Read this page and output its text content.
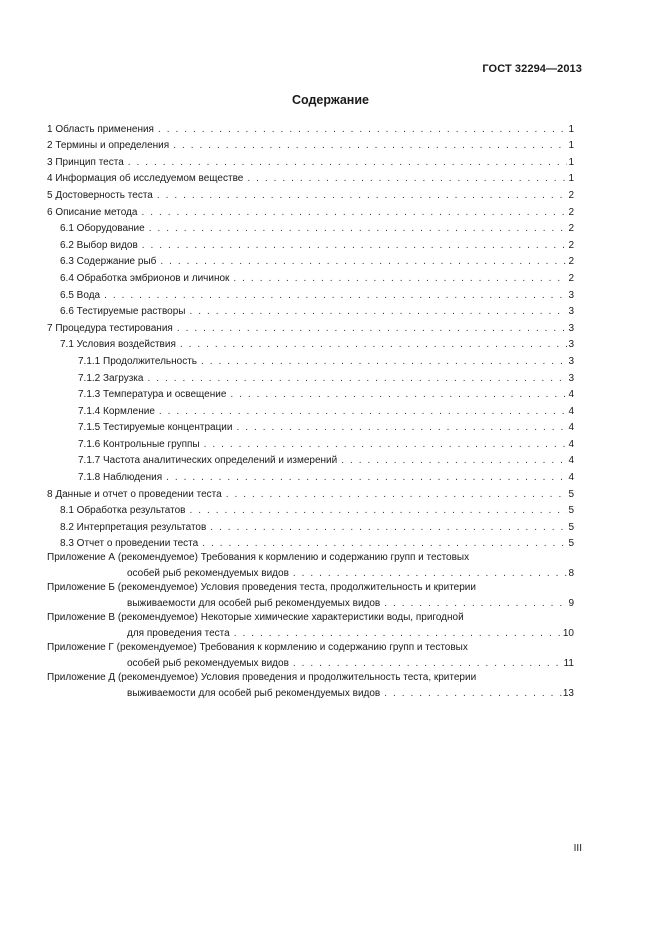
ГОСТ 32294—2013
Содержание
1 Область применения . . .	1
2 Термины и определения . . .	1
3 Принцип теста . . .	1
4 Информация об исследуемом веществе . . .	1
5 Достоверность теста . . .	2
6 Описание метода . . .	2
6.1 Оборудование . . .	2
6.2 Выбор видов . . .	2
6.3 Содержание рыб . . .	2
6.4 Обработка эмбрионов и личинок . . .	2
6.5 Вода . . .	3
6.6 Тестируемые растворы . . .	3
7 Процедура тестирования . . .	3
7.1 Условия воздействия . . .	3
7.1.1 Продолжительность . . .	3
7.1.2 Загрузка . . .	3
7.1.3 Температура и освещение . . .	4
7.1.4 Кормление . . .	4
7.1.5 Тестируемые концентрации . . .	4
7.1.6 Контрольные группы . . .	4
7.1.7 Частота аналитических определений и измерений . . .	4
7.1.8 Наблюдения . . .	4
8 Данные и отчет о проведении теста . . .	5
8.1 Обработка результатов . . .	5
8.2 Интерпретация результатов . . .	5
8.3 Отчет о проведении теста . . .	5
Приложение А (рекомендуемое) Требования к кормлению и содержанию групп и тестовых
особей рыб рекомендуемых видов . . .	8
Приложение Б (рекомендуемое) Условия проведения теста, продолжительность и критерии
выживаемости для особей рыб рекомендуемых видов . . .	9
Приложение В (рекомендуемое) Некоторые химические характеристики воды, пригодной
для проведения теста . . .	10
Приложение Г (рекомендуемое) Требования к кормлению и содержанию групп и тестовых
особей рыб рекомендуемых видов . . .	11
Приложение Д (рекомендуемое) Условия проведения и продолжительность теста, критерии
выживаемости для особей рыб рекомендуемых видов . . .	13
III
